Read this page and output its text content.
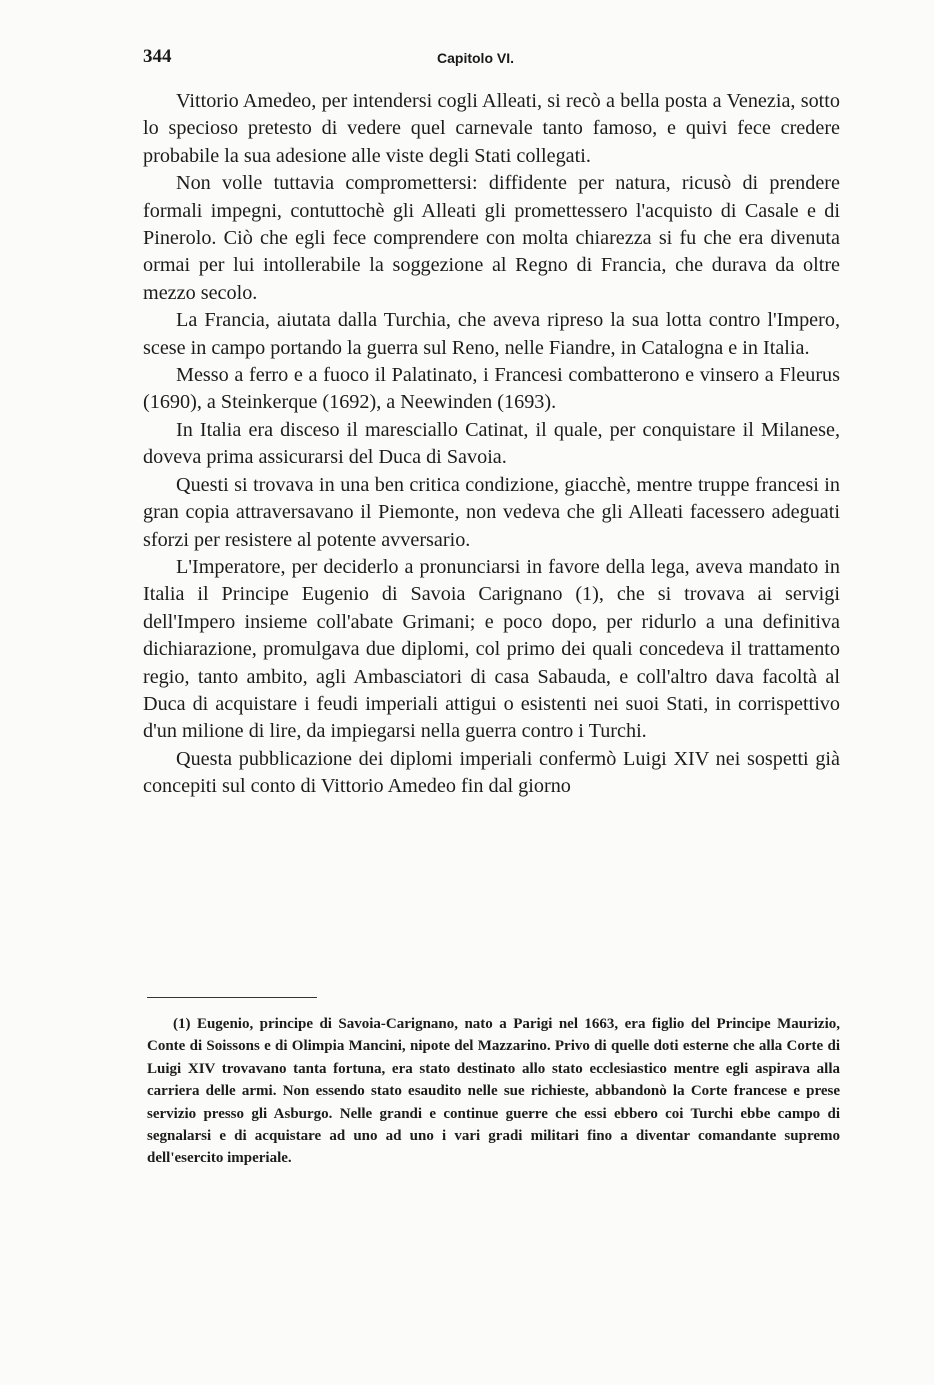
344	Capitolo VI.

Vittorio Amedeo, per intendersi cogli Alleati, si recò a bella posta a Venezia, sotto lo specioso pretesto di vedere quel carnevale tanto famoso, e quivi fece credere probabile la sua adesione alle viste degli Stati collegati.

Non volle tuttavia compromettersi: diffidente per natura, ricusò di prendere formali impegni, contuttochè gli Alleati gli promettessero l'acquisto di Casale e di Pinerolo. Ciò che egli fece comprendere con molta chiarezza si fu che era divenuta ormai per lui intollerabile la soggezione al Regno di Francia, che durava da oltre mezzo secolo.

La Francia, aiutata dalla Turchia, che aveva ripreso la sua lotta contro l'Impero, scese in campo portando la guerra sul Reno, nelle Fiandre, in Catalogna e in Italia.

Messo a ferro e a fuoco il Palatinato, i Francesi combatterono e vinsero a Fleurus (1690), a Steinkerque (1692), a Neewinden (1693).

In Italia era disceso il maresciallo Catinat, il quale, per conquistare il Milanese, doveva prima assicurarsi del Duca di Savoia.

Questi si trovava in una ben critica condizione, giacchè, mentre truppe francesi in gran copia attraversavano il Piemonte, non vedeva che gli Alleati facessero adeguati sforzi per resistere al potente avversario.

L'Imperatore, per deciderlo a pronunciarsi in favore della lega, aveva mandato in Italia il Principe Eugenio di Savoia Carignano (1), che si trovava ai servigi dell'Impero insieme coll'abate Grimani; e poco dopo, per ridurlo a una definitiva dichiarazione, promulgava due diplomi, col primo dei quali concedeva il trattamento regio, tanto ambito, agli Ambasciatori di casa Sabauda, e coll'altro dava facoltà al Duca di acquistare i feudi imperiali attigui o esistenti nei suoi Stati, in corrispettivo d'un milione di lire, da impiegarsi nella guerra contro i Turchi.

Questa pubblicazione dei diplomi imperiali confermò Luigi XIV nei sospetti già concepiti sul conto di Vittorio Amedeo fin dal giorno

(1) Eugenio, principe di Savoia-Carignano, nato a Parigi nel 1663, era figlio del Principe Maurizio, Conte di Soissons e di Olimpia Mancini, nipote del Mazzarino. Privo di quelle doti esterne che alla Corte di Luigi XIV trovavano tanta fortuna, era stato destinato allo stato ecclesiastico mentre egli aspirava alla carriera delle armi. Non essendo stato esaudito nelle sue richieste, abbandonò la Corte francese e prese servizio presso gli Asburgo. Nelle grandi e continue guerre che essi ebbero coi Turchi ebbe campo di segnalarsi e di acquistare ad uno ad uno i vari gradi militari fino a diventar comandante supremo dell'esercito imperiale.
